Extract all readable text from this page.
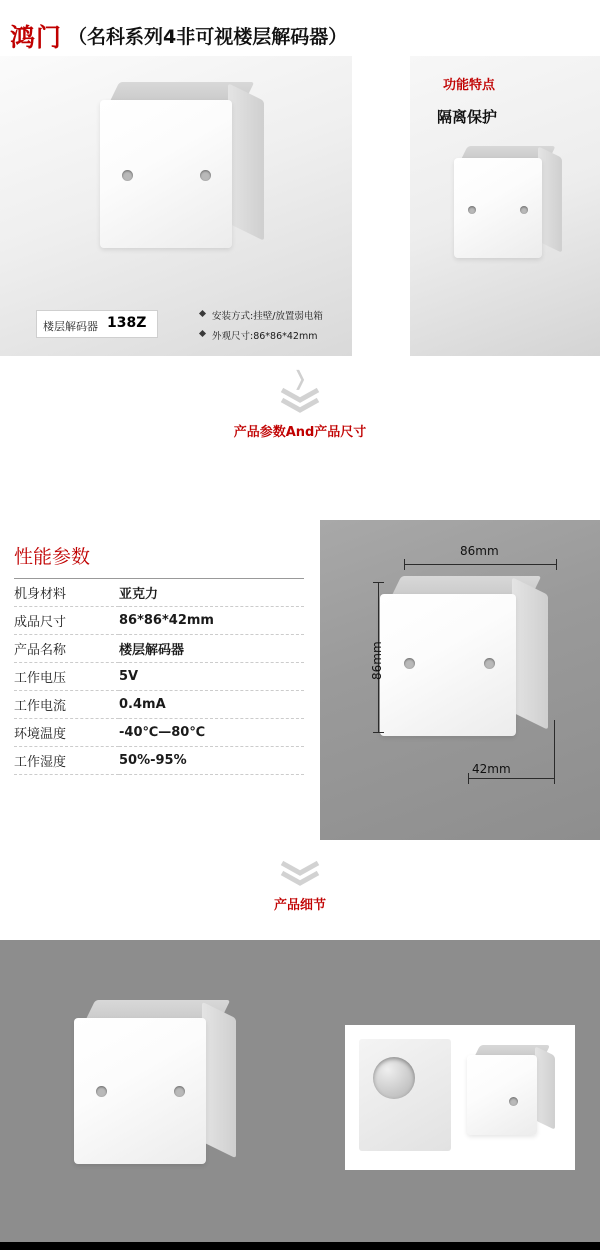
鸿门 （名科系列4非可视楼层解码器）
楼层解码器 138Z	安装方式:挂壁/放置弱电箱
外观尺寸:86*86*42mm
功能特点
隔离保护
❭
产品参数And产品尺寸
性能参数
机身材料	亚克力
成品尺寸	86*86*42mm
产品名称	楼层解码器
工作电压	5V
工作电流	0.4mA
环境温度	-40℃—80℃
工作湿度	50%-95%
86mm
86mm
42mm
产品细节
